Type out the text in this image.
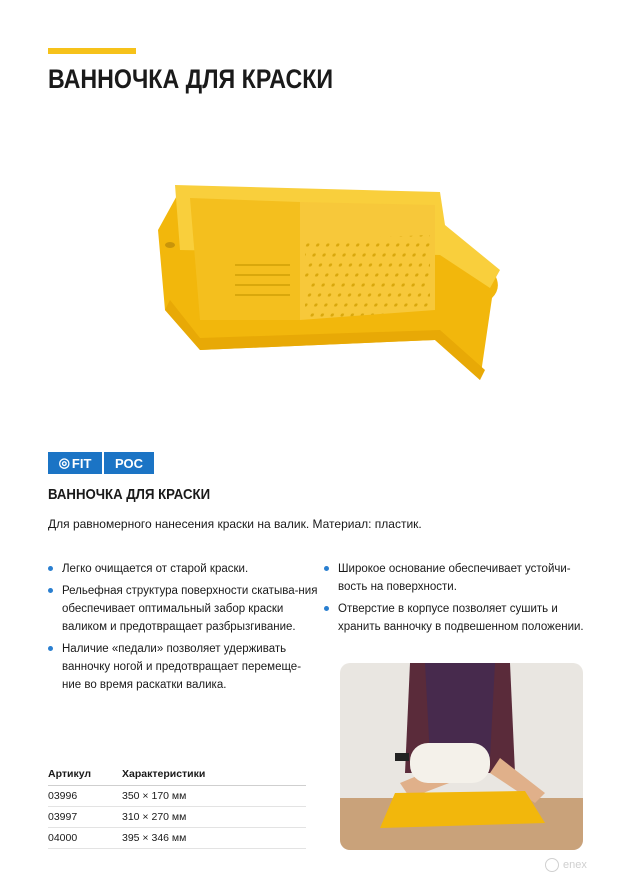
ВАННОЧКА ДЛЯ КРАСКИ
◎ FIT	РОС
ВАННОЧКА ДЛЯ КРАСКИ

Для равномерного нанесения краски на валик. Материал: пластик.

Легко очищается от старой краски.
Рельефная структура поверхности скатыва-ния обеспечивает оптимальный забор краски валиком и предотвращает разбрызгивание.
Наличие «педали» позволяет удерживать ванночку ногой и предотвращает перемеще-ние во время раскатки валика.
Широкое основание обеспечивает устойчи-вость на поверхности.
Отверстие в корпусе позволяет сушить и хранить ванночку в подвешенном положении.
Артикул	Характеристики
03996	350 × 170 мм
03997	310 × 270 мм
04000	395 × 346 мм
enex
